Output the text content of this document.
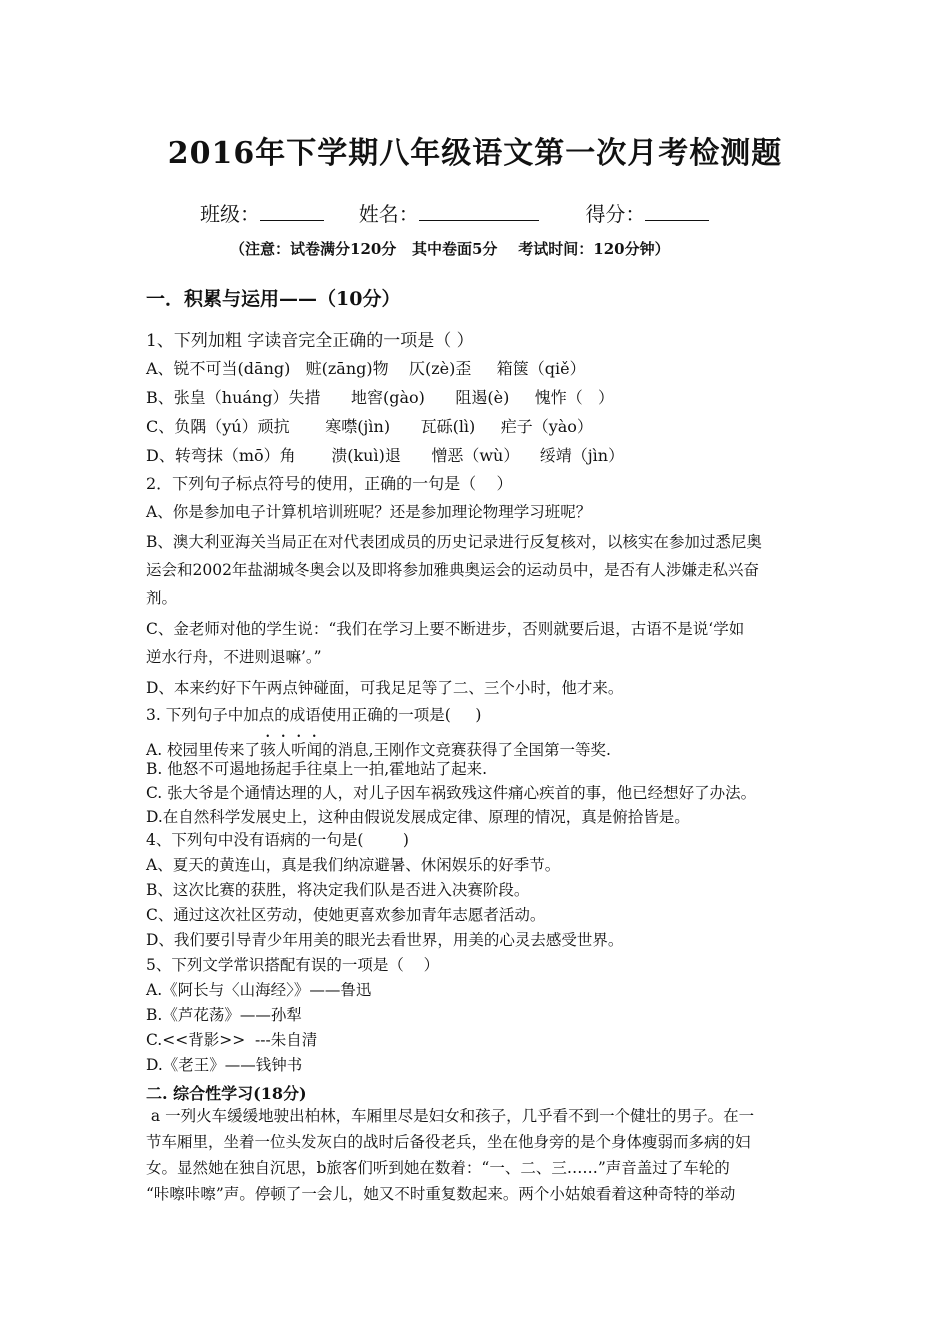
2016年下学期八年级语文第一次月考检测题
班级：	姓名：	得分：
（注意：试卷满分120分   其中卷面5分    考试时间：120分钟）
一．积累与运用——（10分）
1、下列加粗 字读音完全正确的一项是（ ）
A、锐不可当(dāng)   赃(zāng)物    仄(zè)歪     箱箧（qiě）
B、张皇（huáng）失措      地窖(gào)      阻遏(è)     愧怍（   ）
C、负隅（yú）顽抗       寒噤(jìn)      瓦砾(lì)     疟子（yào）
D、转弯抹（mō）角       溃(kuì)退      憎恶（wù）    绥靖（jìn）
2．下列句子标点符号的使用，正确的一句是（    ）
A、你是参加电子计算机培训班呢？还是参加理论物理学习班呢？
B、澳大利亚海关当局正在对代表团成员的历史记录进行反复核对，以核实在参加过悉尼奥
运会和2002年盐湖城冬奥会以及即将参加雅典奥运会的运动员中，是否有人涉嫌走私兴奋
剂。
C、金老师对他的学生说：“我们在学习上要不断进步，否则就要后退，古语不是说‘学如
逆水行舟，不进则退嘛’。”
D、本来约好下午两点钟碰面，可我足足等了二、三个小时，他才来。
3. 下列句子中加点的成语使用正确的一项是(     )
A. 校园里传来了骇人听闻的消息,王刚作文竞赛获得了全国第一等奖.
B. 他怒不可遏地扬起手往桌上一拍,霍地站了起来.
C. 张大爷是个通情达理的人，对儿子因车祸致残这件痛心疾首的事，他已经想好了办法。
D.在自然科学发展史上，这种由假说发展成定律、原理的情况，真是俯拾皆是。
4、下列句中没有语病的一句是(        )
A、夏天的黄连山，真是我们纳凉避暑、休闲娱乐的好季节。
B、这次比赛的获胜，将决定我们队是否进入决赛阶段。
C、通过这次社区劳动，使她更喜欢参加青年志愿者活动。
D、我们要引导青少年用美的眼光去看世界，用美的心灵去感受世界。
5、下列文学常识搭配有误的一项是（    ）
A.《阿长与〈山海经〉》——鲁迅
B.《芦花荡》——孙犁
C.<<背影>>  ---朱自清
D.《老王》——钱钟书
二. 综合性学习(18分)
a 一列火车缓缓地驶出柏林，车厢里尽是妇女和孩子，几乎看不到一个健壮的男子。在一
节车厢里，坐着一位头发灰白的战时后备役老兵，坐在他身旁的是个身体瘦弱而多病的妇
女。显然她在独自沉思，b旅客们听到她在数着：“一、二、三……”声音盖过了车轮的
“咔嚓咔嚓”声。停顿了一会儿，她又不时重复数起来。两个小姑娘看着这种奇特的举动
